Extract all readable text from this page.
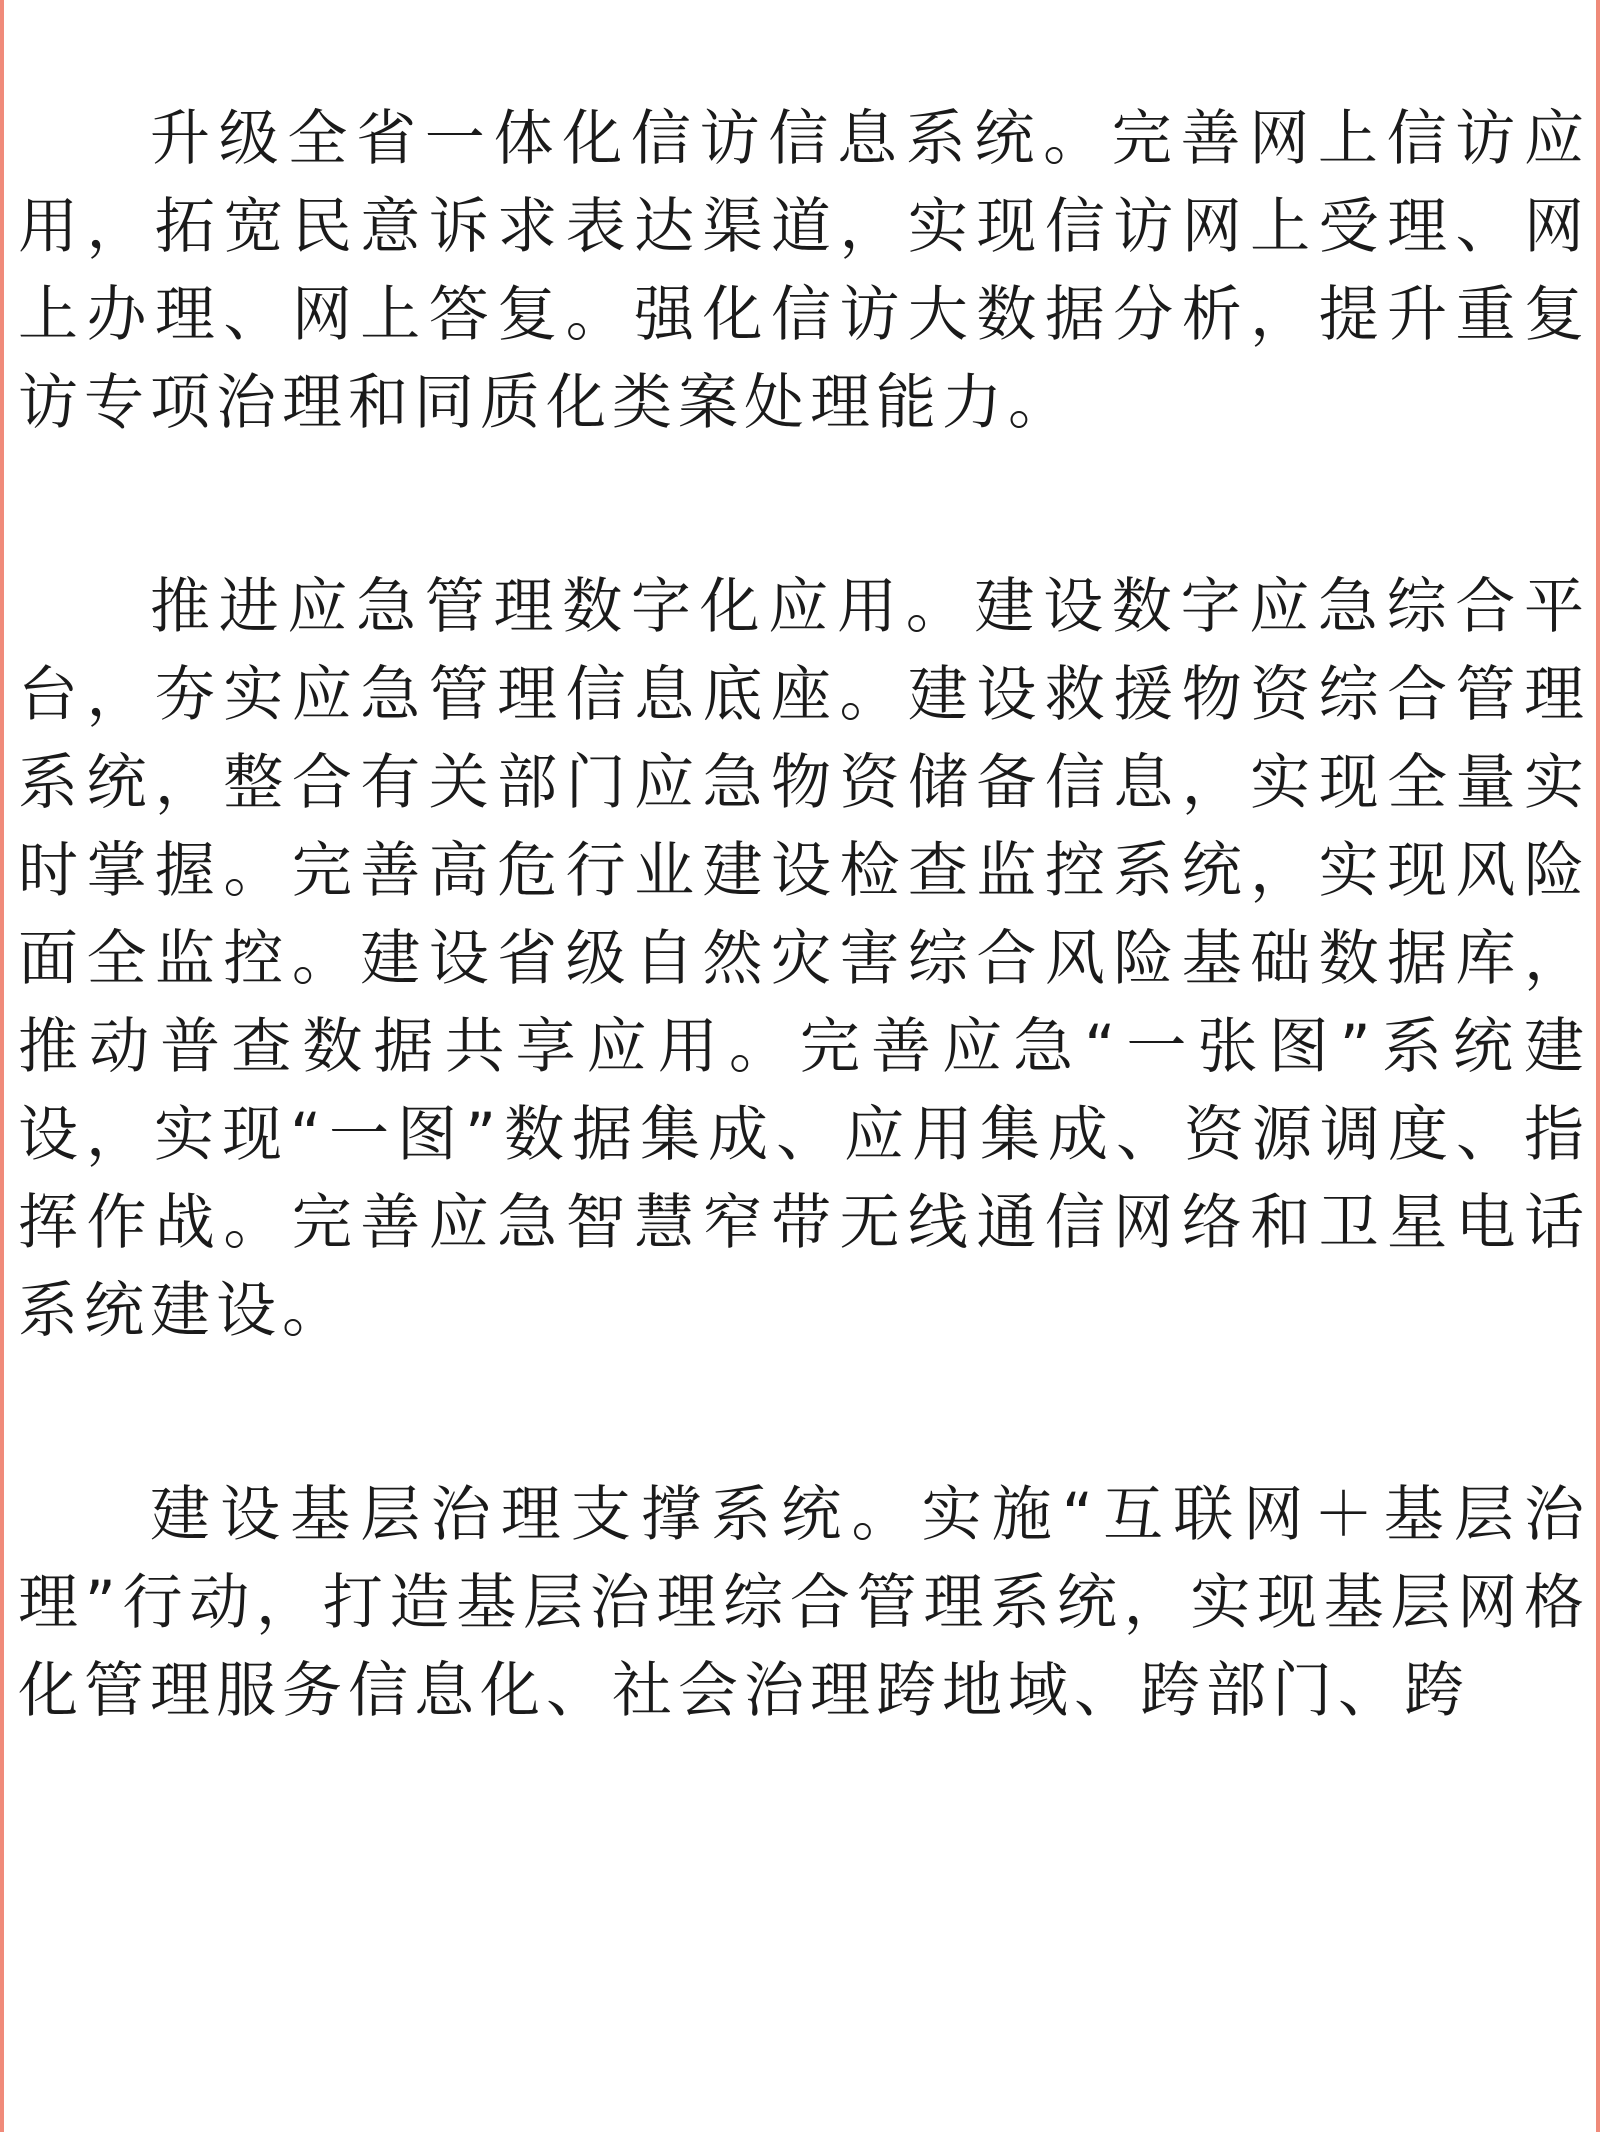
升级全省一体化信访信息系统。完善网上信访应用，拓宽民意诉求表达渠道，实现信访网上受理、网上办理、网上答复。强化信访大数据分析，提升重复访专项治理和同质化类案处理能力。

推进应急管理数字化应用。建设数字应急综合平台，夯实应急管理信息底座。建设救援物资综合管理系统，整合有关部门应急物资储备信息，实现全量实时掌握。完善高危行业建设检查监控系统，实现风险面全监控。建设省级自然灾害综合风险基础数据库，推动普查数据共享应用。完善应急“一张图”系统建设，实现“一图”数据集成、应用集成、资源调度、指挥作战。完善应急智慧窄带无线通信网络和卫星电话系统建设。

建设基层治理支撑系统。实施“互联网＋基层治理”行动，打造基层治理综合管理系统，实现基层网格化管理服务信息化、社会治理跨地域、跨部门、跨
